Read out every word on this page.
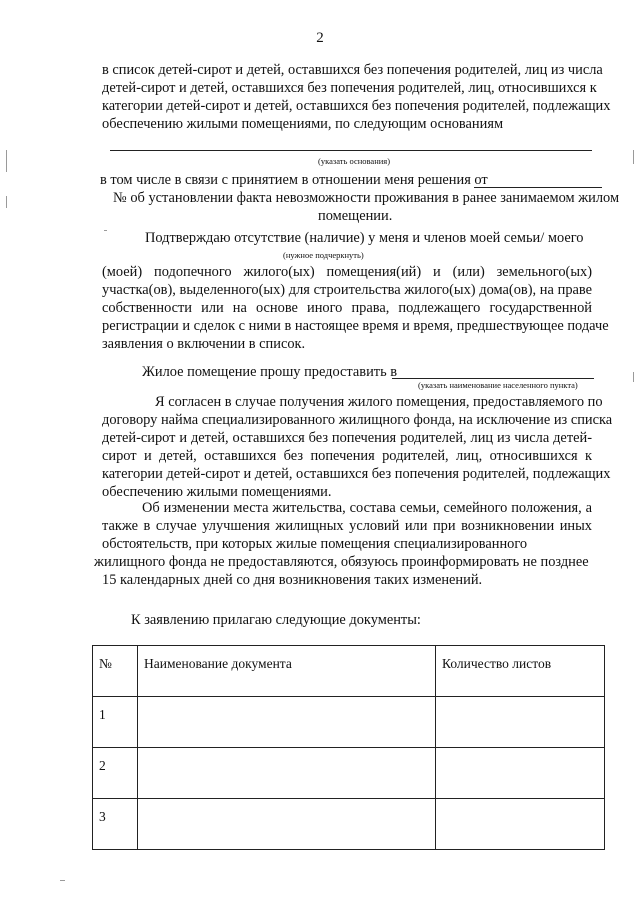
2
в список детей-сирот и детей, оставшихся без попечения родителей, лиц из числа
детей-сирот и детей, оставшихся без попечения родителей, лиц, относившихся к
категории детей-сирот и детей, оставшихся без попечения родителей, подлежащих
обеспечению жилыми помещениями, по следующим основаниям
(указать основания)
в том числе в связи с принятием в отношении меня решения от
№ об установлении факта невозможности проживания в ранее занимаемом жилом
помещении.
Подтверждаю отсутствие (наличие) у меня и членов моей семьи/ моего
(нужное подчеркнуть)
(моей) подопечного жилого(ых) помещения(ий) и (или) земельного(ых)
участка(ов), выделенного(ых) для строительства жилого(ых) дома(ов), на праве
собственности или на основе иного права, подлежащего государственной
регистрации и сделок с ними в настоящее время и время, предшествующее подаче
заявления о включении в список.
Жилое помещение прошу предоставить в
(указать наименование населенного пункта)
Я согласен в случае получения жилого помещения, предоставляемого по
договору найма специализированного жилищного фонда, на исключение из списка
детей-сирот и детей, оставшихся без попечения родителей, лиц из числа детей-
сирот и детей, оставшихся без попечения родителей, лиц, относившихся к
категории детей-сирот и детей, оставшихся без попечения родителей, подлежащих
обеспечению жилыми помещениями.
Об изменении места жительства, состава семьи, семейного положения, а
также в случае улучшения жилищных условий или при возникновении иных
обстоятельств, при которых жилые помещения специализированного
жилищного фонда не предоставляются, обязуюсь проинформировать не позднее
15 календарных дней со дня возникновения таких изменений.
К заявлению прилагаю следующие документы:
№	Наименование документа	Количество листов
1		
2		
3		
